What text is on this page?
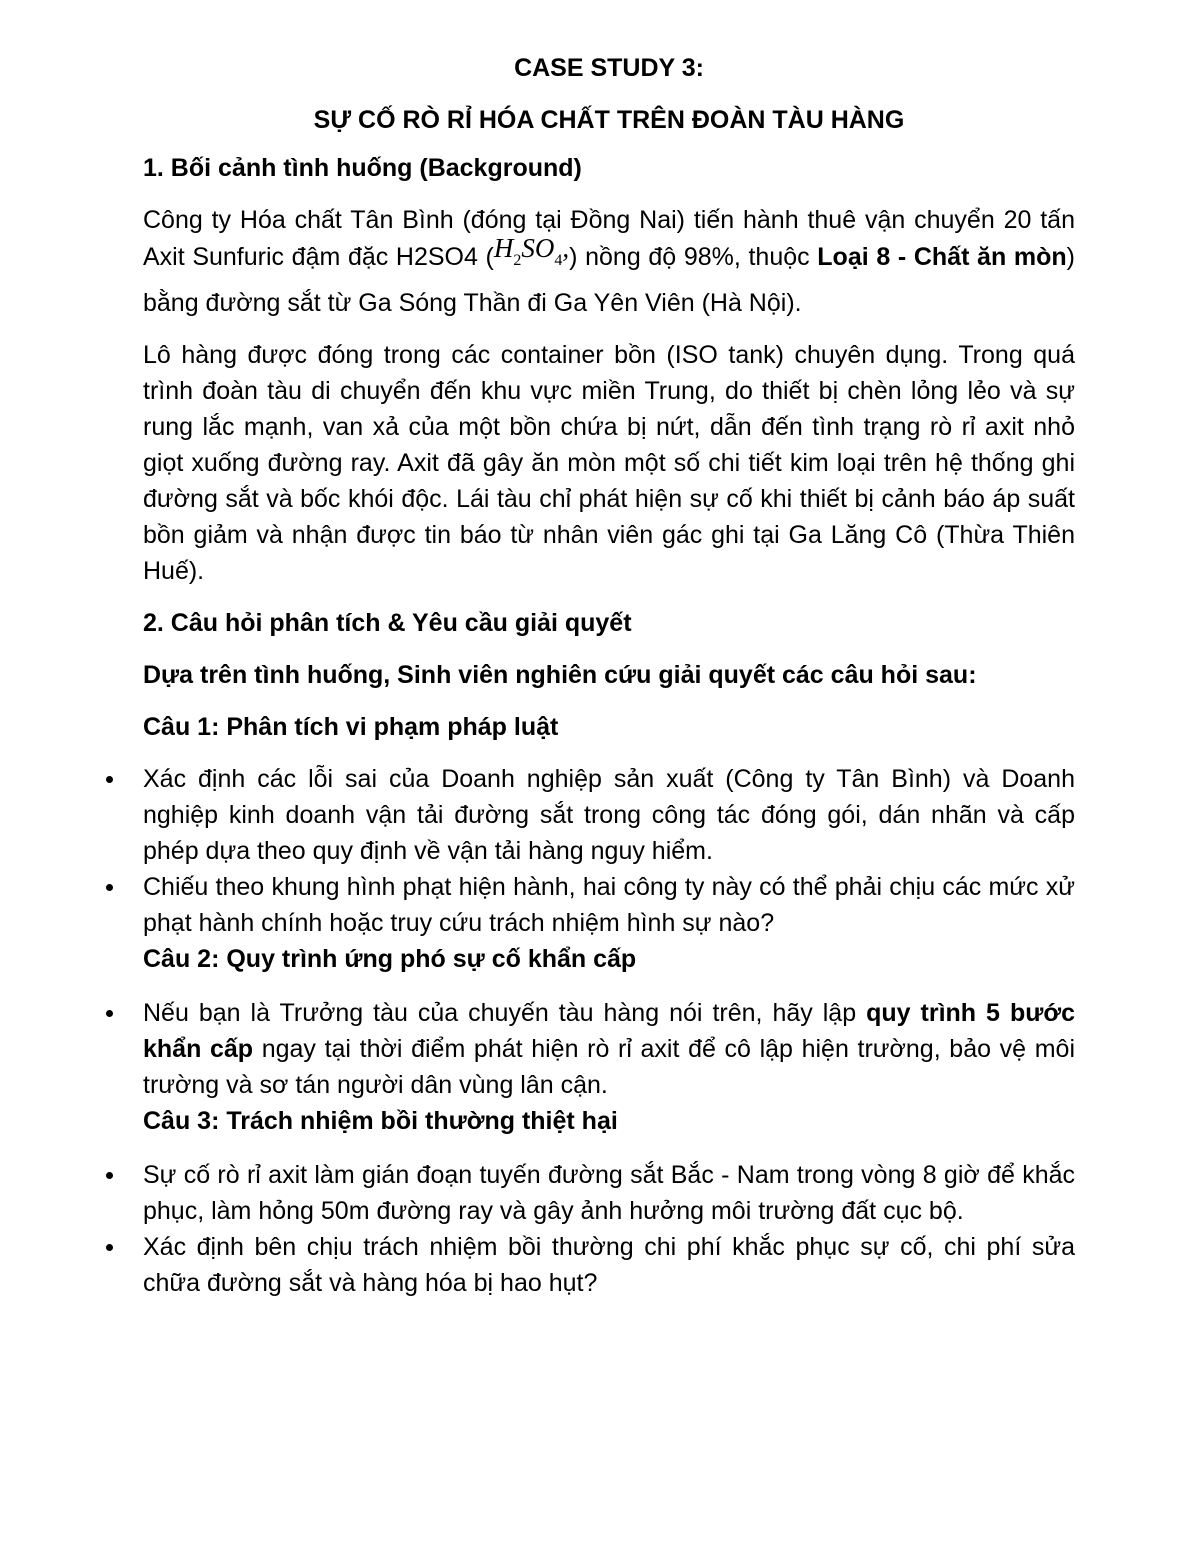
CASE STUDY 3:
SỰ CỐ RÒ RỈ HÓA CHẤT TRÊN ĐOÀN TÀU HÀNG
1. Bối cảnh tình huống (Background)
Công ty Hóa chất Tân Bình (đóng tại Đồng Nai) tiến hành thuê vận chuyển 20 tấn Axit Sunfuric đậm đặc H2SO4 $(H_2SO_4,)$ nồng độ 98%, thuộc Loại 8 - Chất ăn mòn) bằng đường sắt từ Ga Sóng Thần đi Ga Yên Viên (Hà Nội).
Lô hàng được đóng trong các container bồn (ISO tank) chuyên dụng. Trong quá trình đoàn tàu di chuyển đến khu vực miền Trung, do thiết bị chèn lỏng lẻo và sự rung lắc mạnh, van xả của một bồn chứa bị nứt, dẫn đến tình trạng rò rỉ axit nhỏ giọt xuống đường ray. Axit đã gây ăn mòn một số chi tiết kim loại trên hệ thống ghi đường sắt và bốc khói độc. Lái tàu chỉ phát hiện sự cố khi thiết bị cảnh báo áp suất bồn giảm và nhận được tin báo từ nhân viên gác ghi tại Ga Lăng Cô (Thừa Thiên Huế).
2. Câu hỏi phân tích & Yêu cầu giải quyết
Dựa trên tình huống, Sinh viên nghiên cứu giải quyết các câu hỏi sau:
Câu 1: Phân tích vi phạm pháp luật
Xác định các lỗi sai của Doanh nghiệp sản xuất (Công ty Tân Bình) và Doanh nghiệp kinh doanh vận tải đường sắt trong công tác đóng gói, dán nhãn và cấp phép dựa theo quy định về vận tải hàng nguy hiểm.
Chiếu theo khung hình phạt hiện hành, hai công ty này có thể phải chịu các mức xử phạt hành chính hoặc truy cứu trách nhiệm hình sự nào?
Câu 2: Quy trình ứng phó sự cố khẩn cấp
Nếu bạn là Trưởng tàu của chuyến tàu hàng nói trên, hãy lập quy trình 5 bước khẩn cấp ngay tại thời điểm phát hiện rò rỉ axit để cô lập hiện trường, bảo vệ môi trường và sơ tán người dân vùng lân cận.
Câu 3: Trách nhiệm bồi thường thiệt hại
Sự cố rò rỉ axit làm gián đoạn tuyến đường sắt Bắc - Nam trong vòng 8 giờ để khắc phục, làm hỏng 50m đường ray và gây ảnh hưởng môi trường đất cục bộ.
Xác định bên chịu trách nhiệm bồi thường chi phí khắc phục sự cố, chi phí sửa chữa đường sắt và hàng hóa bị hao hụt?
